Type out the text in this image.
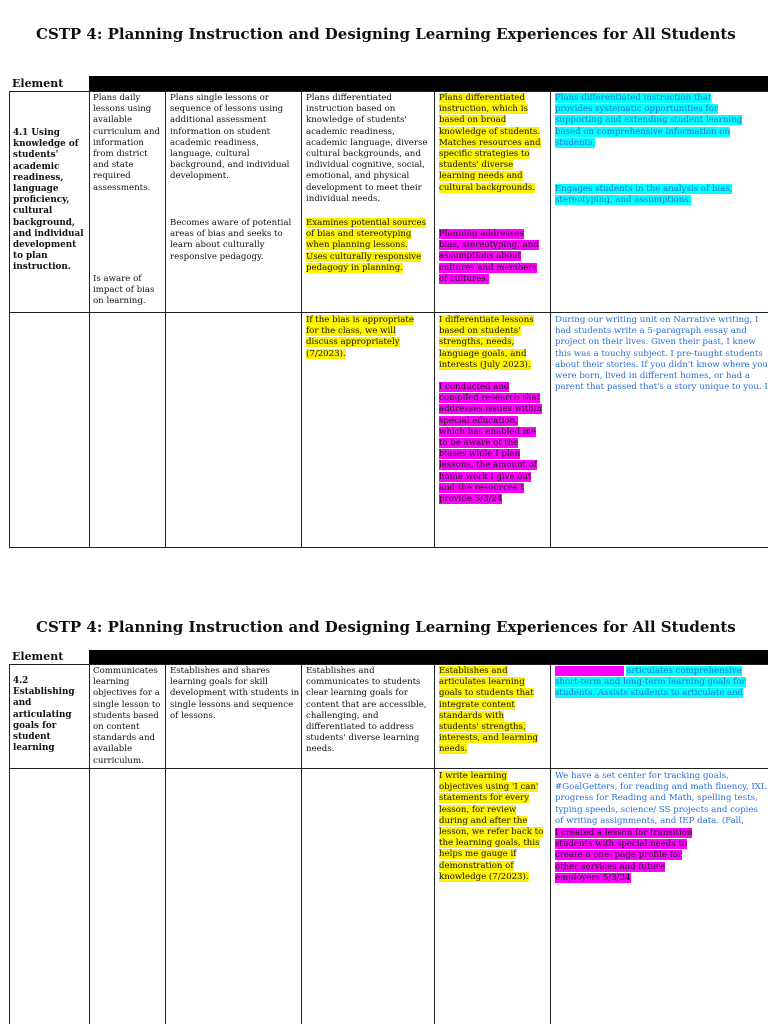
CSTP 4: Planning Instruction and Designing Learning Experiences for All Students
Element
4.1 Using knowledge of students' academic readiness, language proficiency, cultural background, and individual development to plan instruction.
Plans daily lessons using available curriculum and information from district and state required assessments.
Is aware of impact of bias on learning.
Plans single lessons or sequence of lessons using additional assessment information on student academic readiness, language, cultural background, and individual development.
Becomes aware of potential areas of bias and seeks to learn about culturally responsive pedagogy.
Plans differentiated instruction based on knowledge of students' academic readiness, academic language, diverse cultural backgrounds, and individual cognitive, social, emotional, and physical development to meet their individual needs.
Examines potential sources of bias and stereotyping when planning lessons. Uses culturally responsive pedagogy in planning.
Plans differentiated instruction, which is based on broad knowledge of students. Matches resources and specific strategies to students' diverse learning needs and cultural backgrounds.
Planning addresses bias, stereotyping, and assumptions about cultures and members of cultures.
Plans differentiated instruction that provides systematic opportunities for supporting and extending student learning based on comprehensive information on students.
Engages students in the analysis of bias, stereotyping, and assumptions.
If the bias is appropriate for the class, we will discuss appropriately (7/2023).
I differentiate lessons based on students' strengths, needs, language goals, and interests (July 2023).
I conducted and compiled research that addresses issues within special education, which has enabled me to be aware of the biases while I plan lessons, the amount of home work I give out and the resources I provide 5/3/24
During our writing unit on Narrative writing, I had students write a 5-paragraph essay and project on their lives. Given their past, I knew this was a touchy subject. I pre-taught students about their stories. If you didn't know where you were born, lived in different homes, or had a parent that passed that's a story unique to you. I
CSTP 4: Planning Instruction and Designing Learning Experiences for All Students
Element
4.2 Establishing and articulating goals for student learning
Communicates learning objectives for a single lesson to students based on content standards and available curriculum.
Establishes and shares learning goals for skill development with students in single lessons and sequence of lessons.
Establishes and communicates to students clear learning goals for content that are accessible, challenging, and differentiated to address students' diverse learning needs.
Establishes and articulates learning goals to students that integrate content standards with students' strengths, interests, and learning needs.
Establishes and articulates comprehensive short-term and long-term learning goals for students. Assists students to articulate and
I write learning objectives using 'I can' statements for every lesson, for review during and after the lesson, we refer back to the learning goals, this helps me gauge if demonstration of knowledge (7/2023).
We have a set center for tracking goals, #GoalGetters, for reading and math fluency, IXL progress for Reading and Math, spelling tests, typing speeds, science/ SS projects and copies of writing assignments, and IEP data. (Fall,
I created a lesson for transition students with special needs to create a one- page profile for other services and future employers 5/3/24
